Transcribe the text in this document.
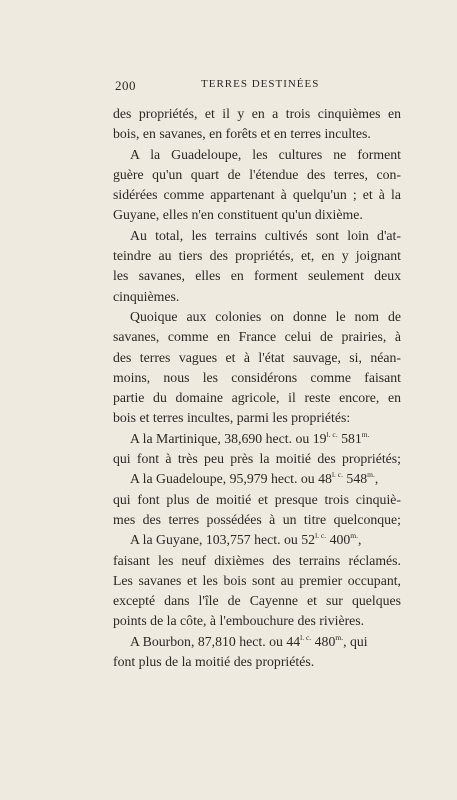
200	TERRES DESTINÉES
des propriétés, et il y en a trois cinquièmes en
bois, en savanes, en forêts et en terres incultes.
A la Guadeloupe, les cultures ne forment
guère qu'un quart de l'étendue des terres, con-
sidérées comme appartenant à quelqu'un ; et à la
Guyane, elles n'en constituent qu'un dixième.
Au total, les terrains cultivés sont loin d'at-
teindre au tiers des propriétés, et, en y joignant
les savanes, elles en forment seulement deux
cinquièmes.
Quoique aux colonies on donne le nom de
savanes, comme en France celui de prairies, à
des terres vagues et à l'état sauvage, si, néan-
moins, nous les considérons comme faisant
partie du domaine agricole, il reste encore, en
bois et terres incultes, parmi les propriétés:
A la Martinique, 38,690 hect. ou $19^{l. c.}$ $581^{m.}$
qui font à très peu près la moitié des propriétés;
A la Guadeloupe, 95,979 hect. ou $48^{l. c.}$ $548^{m.}$,
qui font plus de moitié et presque trois cinquiè-
mes des terres possédées à un titre quelconque;
A la Guyane, 103,757 hect. ou $52^{l. c.}$ $400^{m.}$,
faisant les neuf dixièmes des terrains réclamés.
Les savanes et les bois sont au premier occupant,
excepté dans l'île de Cayenne et sur quelques
points de la côte, à l'embouchure des rivières.
A Bourbon, 87,810 hect. ou $44^{l. c.}$ $480^{m.}$, qui
font plus de la moitié des propriétés.
